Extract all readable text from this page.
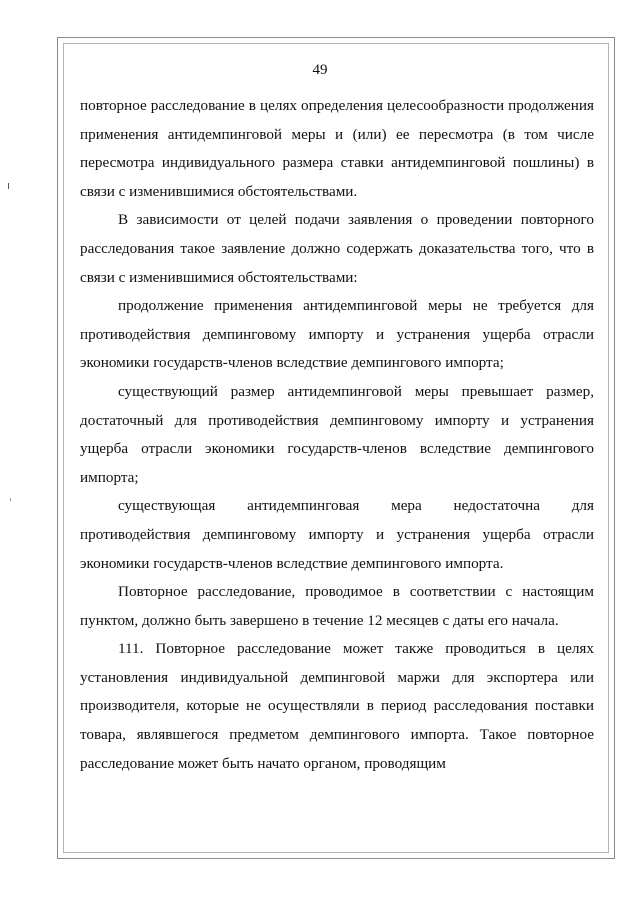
49

повторное расследование в целях определения целесообразности продолжения применения антидемпинговой меры и (или) ее пересмотра (в том числе пересмотра индивидуального размера ставки антидемпинговой пошлины) в связи с изменившимися обстоятельствами.

В зависимости от целей подачи заявления о проведении повторного расследования такое заявление должно содержать доказательства того, что в связи с изменившимися обстоятельствами:

продолжение применения антидемпинговой меры не требуется для противодействия демпинговому импорту и устранения ущерба отрасли экономики государств-членов вследствие демпингового импорта;

существующий размер антидемпинговой меры превышает размер, достаточный для противодействия демпинговому импорту и устранения ущерба отрасли экономики государств-членов вследствие демпингового импорта;

существующая антидемпинговая мера недостаточна для противодействия демпинговому импорту и устранения ущерба отрасли экономики государств-членов вследствие демпингового импорта.

Повторное расследование, проводимое в соответствии с настоящим пунктом, должно быть завершено в течение 12 месяцев с даты его начала.

111. Повторное расследование может также проводиться в целях установления индивидуальной демпинговой маржи для экспортера или производителя, которые не осуществляли в период расследования поставки товара, являвшегося предметом демпингового импорта. Такое повторное расследование может быть начато органом, проводящим
